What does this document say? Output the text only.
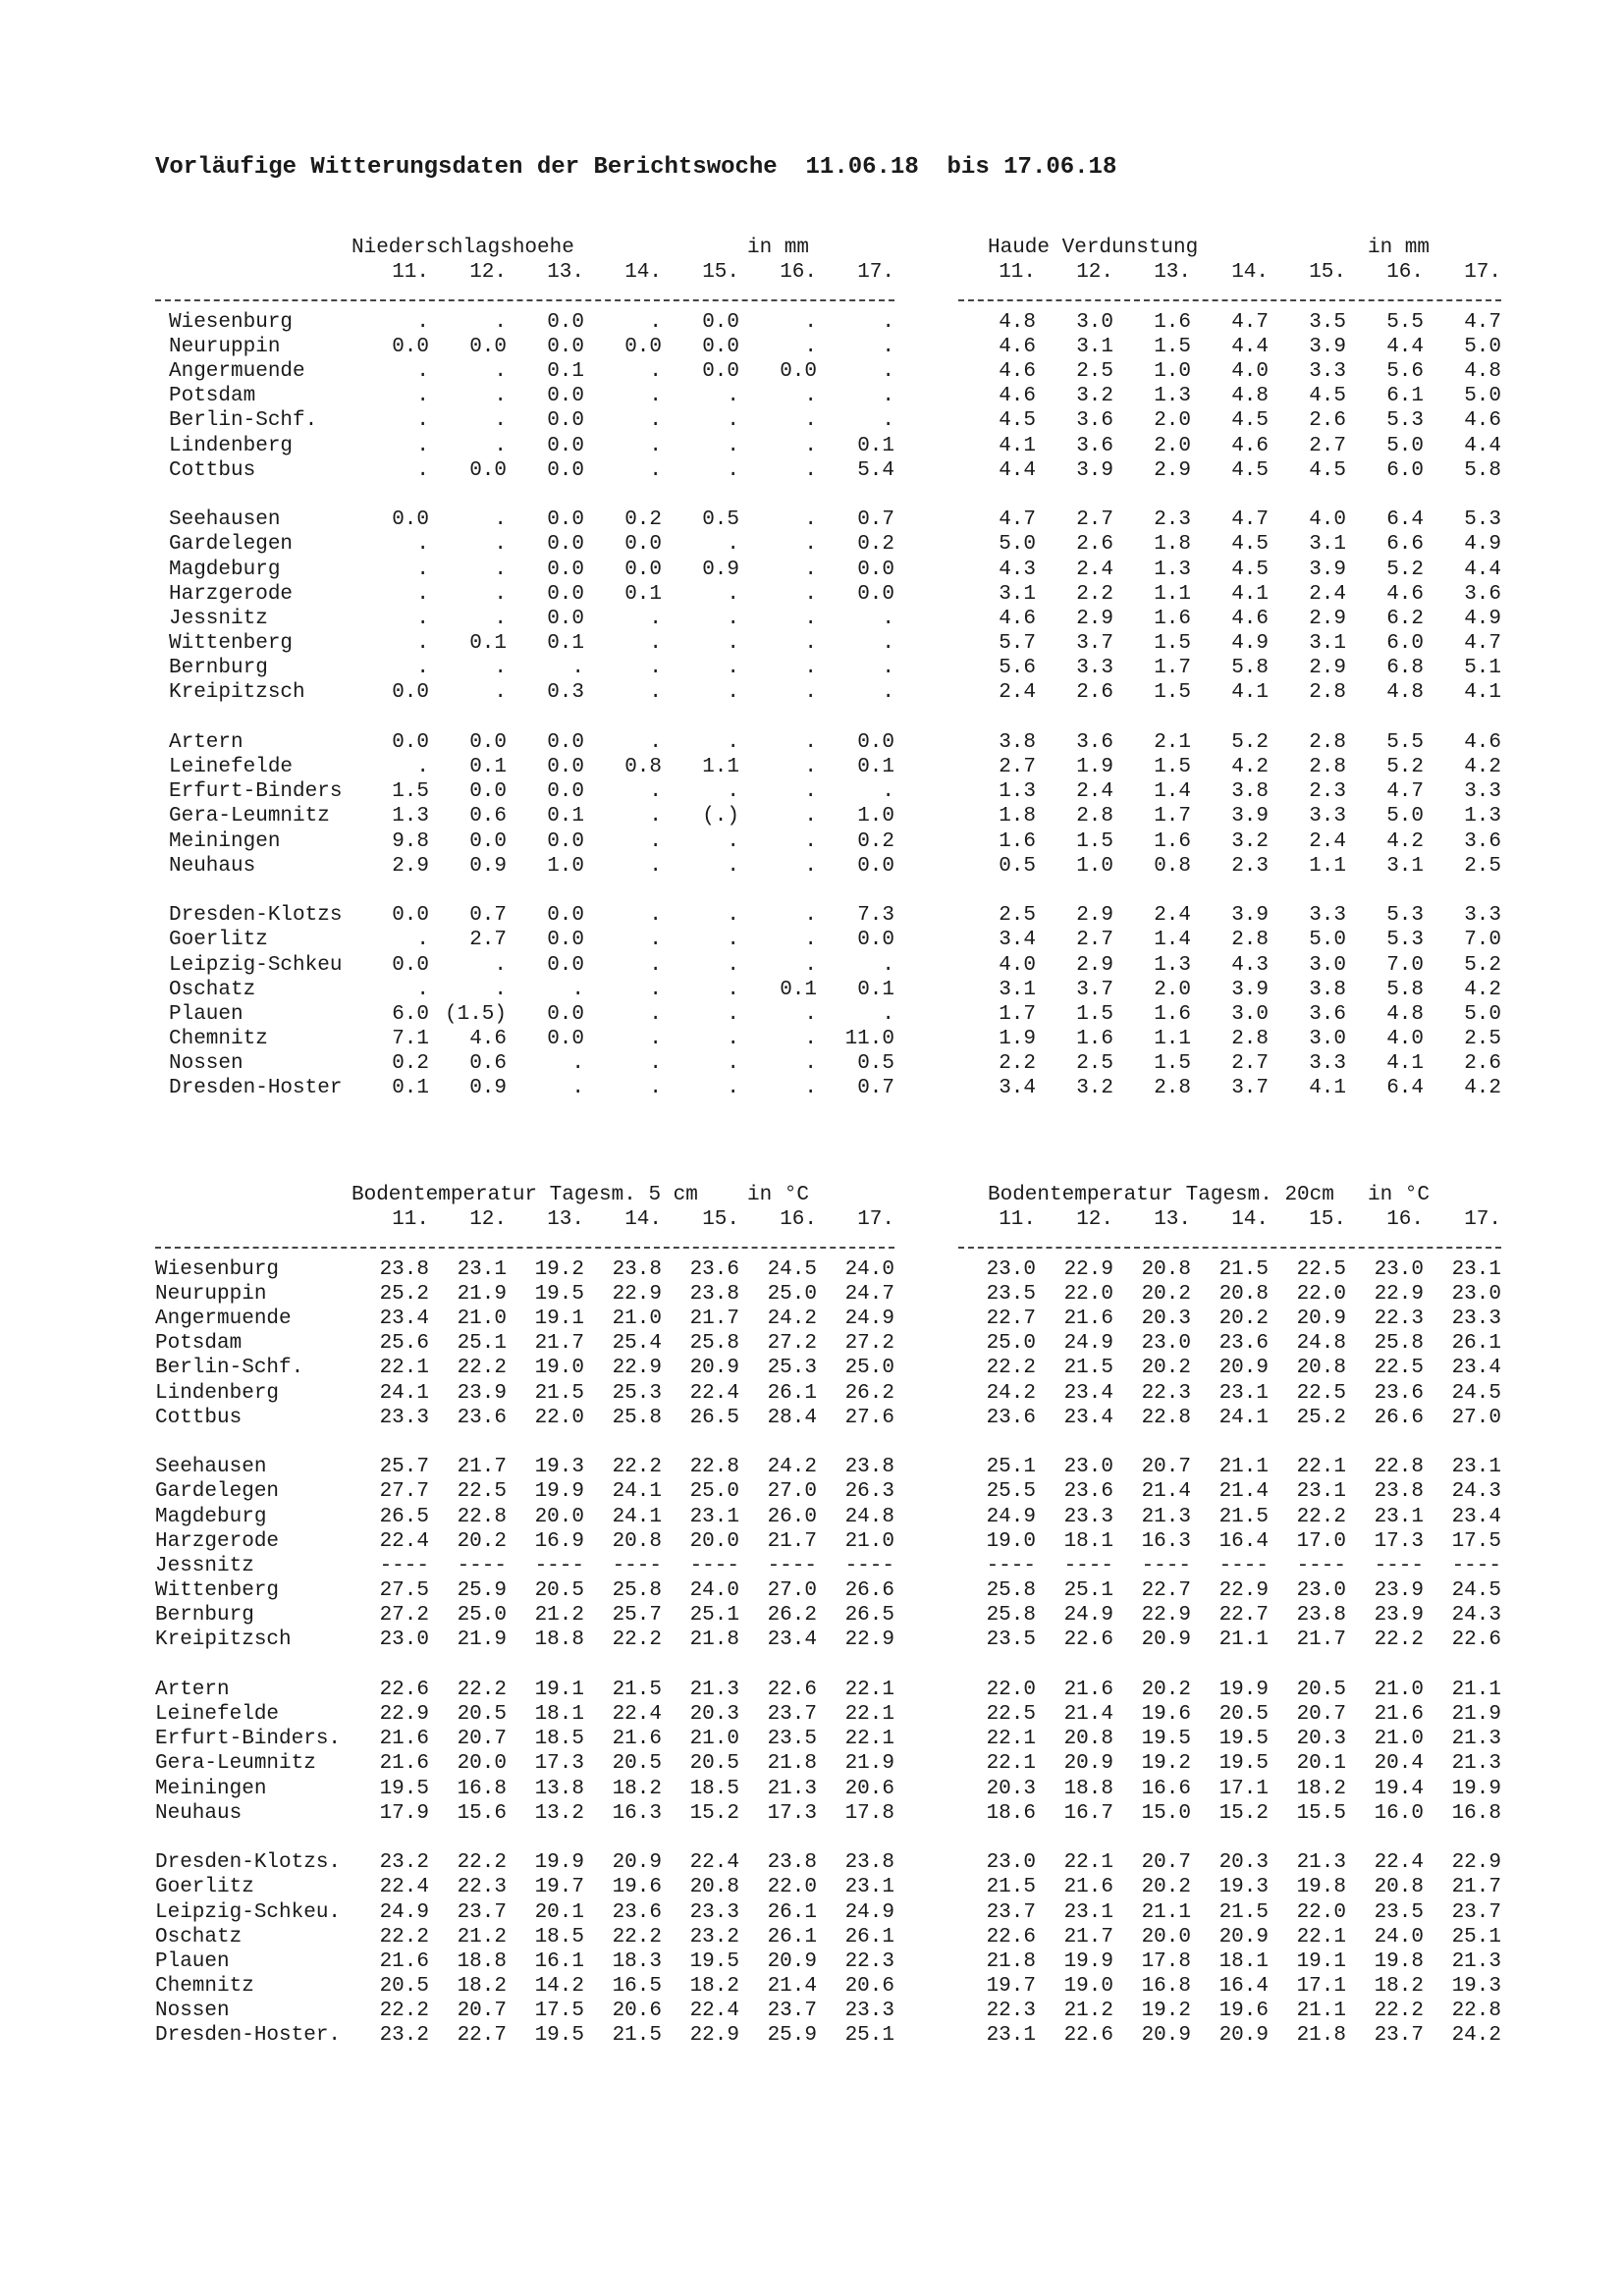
Vorläufige Witterungsdaten der Berichtswoche  11.06.18  bis 17.06.18
	Niederschlagshoehe					in mm			Haude Verdunstung					in mm	
	11.	12.	13.	14.	15.	16.	17.		11.	12.	13.	14.	15.	16.	17.

Wiesenburg	.	.	0.0	.	0.0	.	.		4.8	3.0	1.6	4.7	3.5	5.5	4.7
Neuruppin	0.0	0.0	0.0	0.0	0.0	.	.		4.6	3.1	1.5	4.4	3.9	4.4	5.0
Angermuende	.	.	0.1	.	0.0	0.0	.		4.6	2.5	1.0	4.0	3.3	5.6	4.8
Potsdam	.	.	0.0	.	.	.	.		4.6	3.2	1.3	4.8	4.5	6.1	5.0
Berlin-Schf.	.	.	0.0	.	.	.	.		4.5	3.6	2.0	4.5	2.6	5.3	4.6
Lindenberg	.	.	0.0	.	.	.	0.1		4.1	3.6	2.0	4.6	2.7	5.0	4.4
Cottbus	.	0.0	0.0	.	.	.	5.4		4.4	3.9	2.9	4.5	4.5	6.0	5.8

Seehausen	0.0	.	0.0	0.2	0.5	.	0.7		4.7	2.7	2.3	4.7	4.0	6.4	5.3
Gardelegen	.	.	0.0	0.0	.	.	0.2		5.0	2.6	1.8	4.5	3.1	6.6	4.9
Magdeburg	.	.	0.0	0.0	0.9	.	0.0		4.3	2.4	1.3	4.5	3.9	5.2	4.4
Harzgerode	.	.	0.0	0.1	.	.	0.0		3.1	2.2	1.1	4.1	2.4	4.6	3.6
Jessnitz	.	.	0.0	.	.	.	.		4.6	2.9	1.6	4.6	2.9	6.2	4.9
Wittenberg	.	0.1	0.1	.	.	.	.		5.7	3.7	1.5	4.9	3.1	6.0	4.7
Bernburg	.	.	.	.	.	.	.		5.6	3.3	1.7	5.8	2.9	6.8	5.1
Kreipitzsch	0.0	.	0.3	.	.	.	.		2.4	2.6	1.5	4.1	2.8	4.8	4.1

Artern	0.0	0.0	0.0	.	.	.	0.0		3.8	3.6	2.1	5.2	2.8	5.5	4.6
Leinefelde	.	0.1	0.0	0.8	1.1	.	0.1		2.7	1.9	1.5	4.2	2.8	5.2	4.2
Erfurt-Binders	1.5	0.0	0.0	.	.	.	.		1.3	2.4	1.4	3.8	2.3	4.7	3.3
Gera-Leumnitz	1.3	0.6	0.1	.	(.)	.	1.0		1.8	2.8	1.7	3.9	3.3	5.0	1.3
Meiningen	9.8	0.0	0.0	.	.	.	0.2		1.6	1.5	1.6	3.2	2.4	4.2	3.6
Neuhaus	2.9	0.9	1.0	.	.	.	0.0		0.5	1.0	0.8	2.3	1.1	3.1	2.5

Dresden-Klotzs	0.0	0.7	0.0	.	.	.	7.3		2.5	2.9	2.4	3.9	3.3	5.3	3.3
Goerlitz	.	2.7	0.0	.	.	.	0.0		3.4	2.7	1.4	2.8	5.0	5.3	7.0
Leipzig-Schkeu	0.0	.	0.0	.	.	.	.		4.0	2.9	1.3	4.3	3.0	7.0	5.2
Oschatz	.	.	.	.	.	0.1	0.1		3.1	3.7	2.0	3.9	3.8	5.8	4.2
Plauen	6.0	(1.5)	0.0	.	.	.	.		1.7	1.5	1.6	3.0	3.6	4.8	5.0
Chemnitz	7.1	4.6	0.0	.	.	.	11.0		1.9	1.6	1.1	2.8	3.0	4.0	2.5
Nossen	0.2	0.6	.	.	.	.	0.5		2.2	2.5	1.5	2.7	3.3	4.1	2.6
Dresden-Hoster	0.1	0.9	.	.	.	.	0.7		3.4	3.2	2.8	3.7	4.1	6.4	4.2
	Bodentemperatur Tagesm. 5 cm					in °C			Bodentemperatur Tagesm. 20cm					in °C	
	11.	12.	13.	14.	15.	16.	17.		11.	12.	13.	14.	15.	16.	17.

Wiesenburg	23.8	23.1	19.2	23.8	23.6	24.5	24.0		23.0	22.9	20.8	21.5	22.5	23.0	23.1
Neuruppin	25.2	21.9	19.5	22.9	23.8	25.0	24.7		23.5	22.0	20.2	20.8	22.0	22.9	23.0
Angermuende	23.4	21.0	19.1	21.0	21.7	24.2	24.9		22.7	21.6	20.3	20.2	20.9	22.3	23.3
Potsdam	25.6	25.1	21.7	25.4	25.8	27.2	27.2		25.0	24.9	23.0	23.6	24.8	25.8	26.1
Berlin-Schf.	22.1	22.2	19.0	22.9	20.9	25.3	25.0		22.2	21.5	20.2	20.9	20.8	22.5	23.4
Lindenberg	24.1	23.9	21.5	25.3	22.4	26.1	26.2		24.2	23.4	22.3	23.1	22.5	23.6	24.5
Cottbus	23.3	23.6	22.0	25.8	26.5	28.4	27.6		23.6	23.4	22.8	24.1	25.2	26.6	27.0

Seehausen	25.7	21.7	19.3	22.2	22.8	24.2	23.8		25.1	23.0	20.7	21.1	22.1	22.8	23.1
Gardelegen	27.7	22.5	19.9	24.1	25.0	27.0	26.3		25.5	23.6	21.4	21.4	23.1	23.8	24.3
Magdeburg	26.5	22.8	20.0	24.1	23.1	26.0	24.8		24.9	23.3	21.3	21.5	22.2	23.1	23.4
Harzgerode	22.4	20.2	16.9	20.8	20.0	21.7	21.0		19.0	18.1	16.3	16.4	17.0	17.3	17.5
Jessnitz	----	----	----	----	----	----	----		----	----	----	----	----	----	----
Wittenberg	27.5	25.9	20.5	25.8	24.0	27.0	26.6		25.8	25.1	22.7	22.9	23.0	23.9	24.5
Bernburg	27.2	25.0	21.2	25.7	25.1	26.2	26.5		25.8	24.9	22.9	22.7	23.8	23.9	24.3
Kreipitzsch	23.0	21.9	18.8	22.2	21.8	23.4	22.9		23.5	22.6	20.9	21.1	21.7	22.2	22.6

Artern	22.6	22.2	19.1	21.5	21.3	22.6	22.1		22.0	21.6	20.2	19.9	20.5	21.0	21.1
Leinefelde	22.9	20.5	18.1	22.4	20.3	23.7	22.1		22.5	21.4	19.6	20.5	20.7	21.6	21.9
Erfurt-Binders.	21.6	20.7	18.5	21.6	21.0	23.5	22.1		22.1	20.8	19.5	19.5	20.3	21.0	21.3
Gera-Leumnitz	21.6	20.0	17.3	20.5	20.5	21.8	21.9		22.1	20.9	19.2	19.5	20.1	20.4	21.3
Meiningen	19.5	16.8	13.8	18.2	18.5	21.3	20.6		20.3	18.8	16.6	17.1	18.2	19.4	19.9
Neuhaus	17.9	15.6	13.2	16.3	15.2	17.3	17.8		18.6	16.7	15.0	15.2	15.5	16.0	16.8

Dresden-Klotzs.	23.2	22.2	19.9	20.9	22.4	23.8	23.8		23.0	22.1	20.7	20.3	21.3	22.4	22.9
Goerlitz	22.4	22.3	19.7	19.6	20.8	22.0	23.1		21.5	21.6	20.2	19.3	19.8	20.8	21.7
Leipzig-Schkeu.	24.9	23.7	20.1	23.6	23.3	26.1	24.9		23.7	23.1	21.1	21.5	22.0	23.5	23.7
Oschatz	22.2	21.2	18.5	22.2	23.2	26.1	26.1		22.6	21.7	20.0	20.9	22.1	24.0	25.1
Plauen	21.6	18.8	16.1	18.3	19.5	20.9	22.3		21.8	19.9	17.8	18.1	19.1	19.8	21.3
Chemnitz	20.5	18.2	14.2	16.5	18.2	21.4	20.6		19.7	19.0	16.8	16.4	17.1	18.2	19.3
Nossen	22.2	20.7	17.5	20.6	22.4	23.7	23.3		22.3	21.2	19.2	19.6	21.1	22.2	22.8
Dresden-Hoster.	23.2	22.7	19.5	21.5	22.9	25.9	25.1		23.1	22.6	20.9	20.9	21.8	23.7	24.2
